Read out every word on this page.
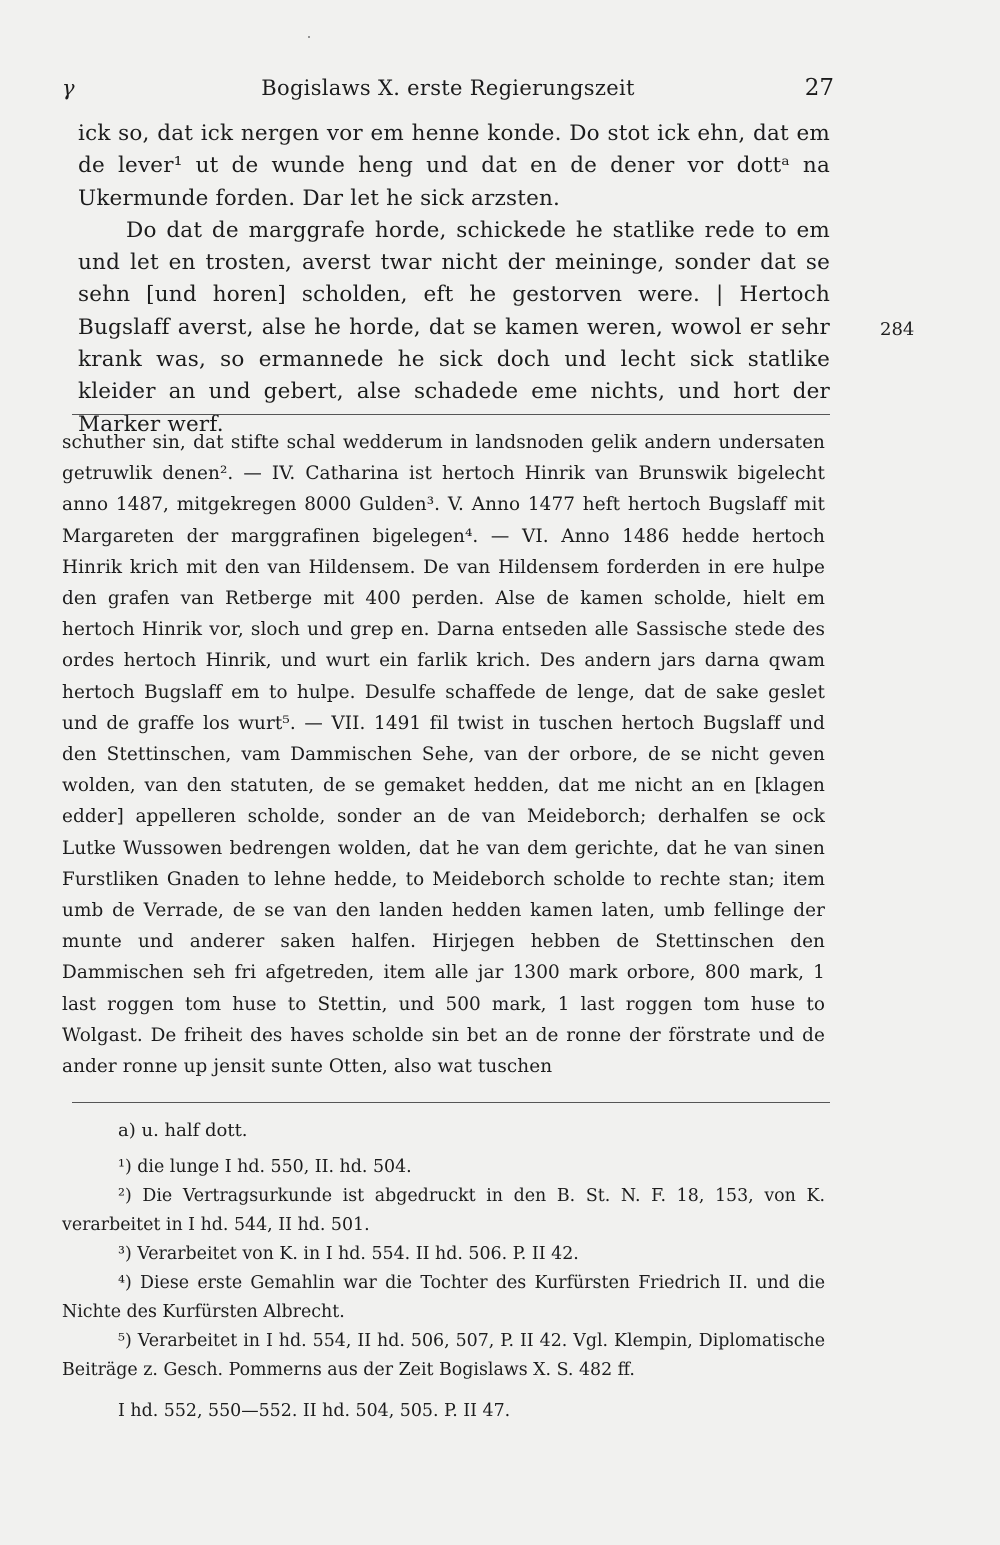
γ	Bogislaws X. erste Regierungszeit	27

ick so, dat ick nergen vor em henne konde. Do stot ick ehn, dat em de lever¹ ut de wunde heng und dat en de dener vor dottᵃ na Ukermunde forden. Dar let he sick arzsten.

Do dat de marggrafe horde, schickede he statlike rede to em und let en trosten, averst twar nicht der meininge, sonder dat se sehn [und horen] scholden, eft he gestorven were. | Hertoch Bugslaff averst, alse he horde, dat se kamen weren, wowol er sehr krank was, so ermannede he sick doch und lecht sick statlike kleider an und gebert, alse schadede eme nichts, und hort der Marker werf.

284

schuther sin, dat stifte schal wedderum in landsnoden gelik andern undersaten getruwlik denen². — IV. Catharina ist hertoch Hinrik van Brunswik bigelecht anno 1487, mitgekregen 8000 Gulden³. V. Anno 1477 heft hertoch Bugslaff mit Margareten der marggrafinen bigelegen⁴. — VI. Anno 1486 hedde hertoch Hinrik krich mit den van Hildensem. De van Hildensem forderden in ere hulpe den grafen van Retberge mit 400 perden. Alse de kamen scholde, hielt em hertoch Hinrik vor, sloch und grep en. Darna entseden alle Sassische stede des ordes hertoch Hinrik, und wurt ein farlik krich. Des andern jars darna qwam hertoch Bugslaff em to hulpe. Desulfe schaffede de lenge, dat de sake geslet und de graffe los wurt⁵. — VII. 1491 fil twist in tuschen hertoch Bugslaff und den Stettinschen, vam Dammischen Sehe, van der orbore, de se nicht geven wolden, van den statuten, de se gemaket hedden, dat me nicht an en [klagen edder] appelleren scholde, sonder an de van Meideborch; derhalfen se ock Lutke Wussowen bedrengen wolden, dat he van dem gerichte, dat he van sinen Furstliken Gnaden to lehne hedde, to Meideborch scholde to rechte stan; item umb de Verrade, de se van den landen hedden kamen laten, umb fellinge der munte und anderer saken halfen. Hirjegen hebben de Stettinschen den Dammischen seh fri afgetreden, item alle jar 1300 mark orbore, 800 mark, 1 last roggen tom huse to Stettin, und 500 mark, 1 last roggen tom huse to Wolgast. De friheit des haves scholde sin bet an de ronne der förstrate und de ander ronne up jensit sunte Otten, also wat tuschen

a) u. half dott.

¹) die lunge I hd. 550, II. hd. 504.

²) Die Vertragsurkunde ist abgedruckt in den B. St. N. F. 18, 153, von K. verarbeitet in I hd. 544, II hd. 501.

³) Verarbeitet von K. in I hd. 554. II hd. 506. P. II 42.

⁴) Diese erste Gemahlin war die Tochter des Kurfürsten Friedrich II. und die Nichte des Kurfürsten Albrecht.

⁵) Verarbeitet in I hd. 554, II hd. 506, 507, P. II 42. Vgl. Klempin, Diplomatische Beiträge z. Gesch. Pommerns aus der Zeit Bogislaws X. S. 482 ff.

I hd. 552, 550—552. II hd. 504, 505. P. II 47.
